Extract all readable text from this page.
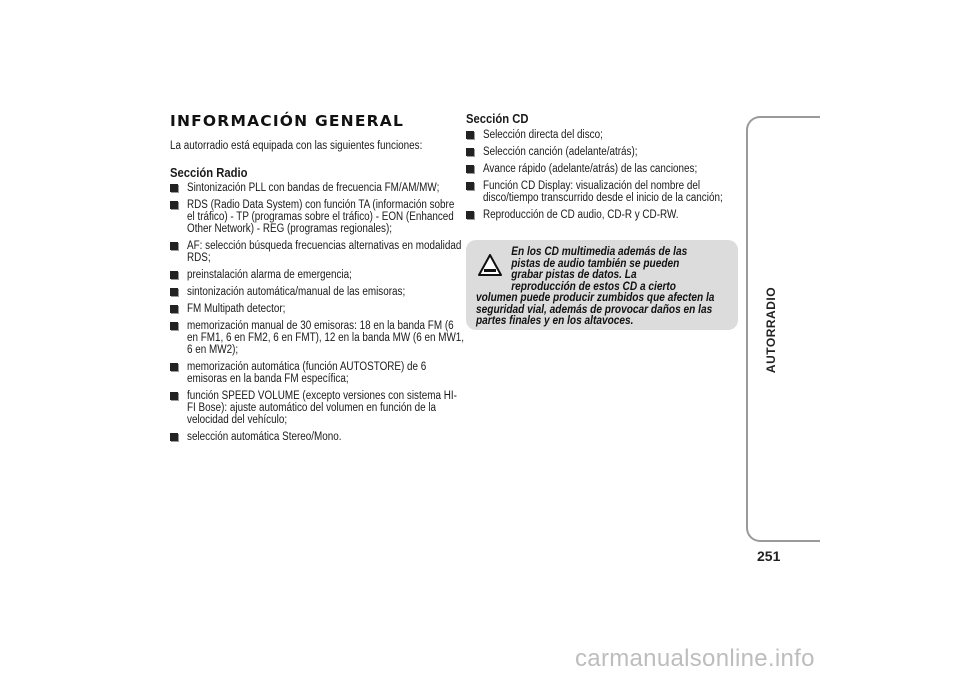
INFORMACIÓN GENERAL

La autorradio está equipada con las siguientes funciones:

Sección Radio
Sintonización PLL con bandas de frecuencia FM/AM/MW;
RDS (Radio Data System) con función TA (información sobre el tráfico) - TP (programas sobre el tráfico) - EON (Enhanced Other Network) - REG (programas regionales);
AF: selección búsqueda frecuencias alternativas en modalidad RDS;
preinstalación alarma de emergencia;
sintonización automática/manual de las emisoras;
FM Multipath detector;
memorización manual de 30 emisoras: 18 en la banda FM (6 en FM1, 6 en FM2, 6 en FMT), 12 en la banda MW (6 en MW1, 6 en MW2);
memorización automática (función AUTOSTORE) de 6 emisoras en la banda FM específica;
función SPEED VOLUME (excepto versiones con sistema HI-FI Bose): ajuste automático del volumen en función de la velocidad del vehículo;
selección automática Stereo/Mono.
Sección CD
Selección directa del disco;
Selección canción (adelante/atrás);
Avance rápido (adelante/atrás) de las canciones;
Función CD Display: visualización del nombre del disco/tiempo transcurrido desde el inicio de la canción;
Reproducción de CD audio, CD-R y CD-RW.
En los CD multimedia además de las pistas de audio también se pueden grabar pistas de datos. La reproducción de estos CD a cierto
volumen puede producir zumbidos que afecten la seguridad vial, además de provocar daños en las partes finales y en los altavoces.	AUTORRADIO
251
carmanualsonline.info
